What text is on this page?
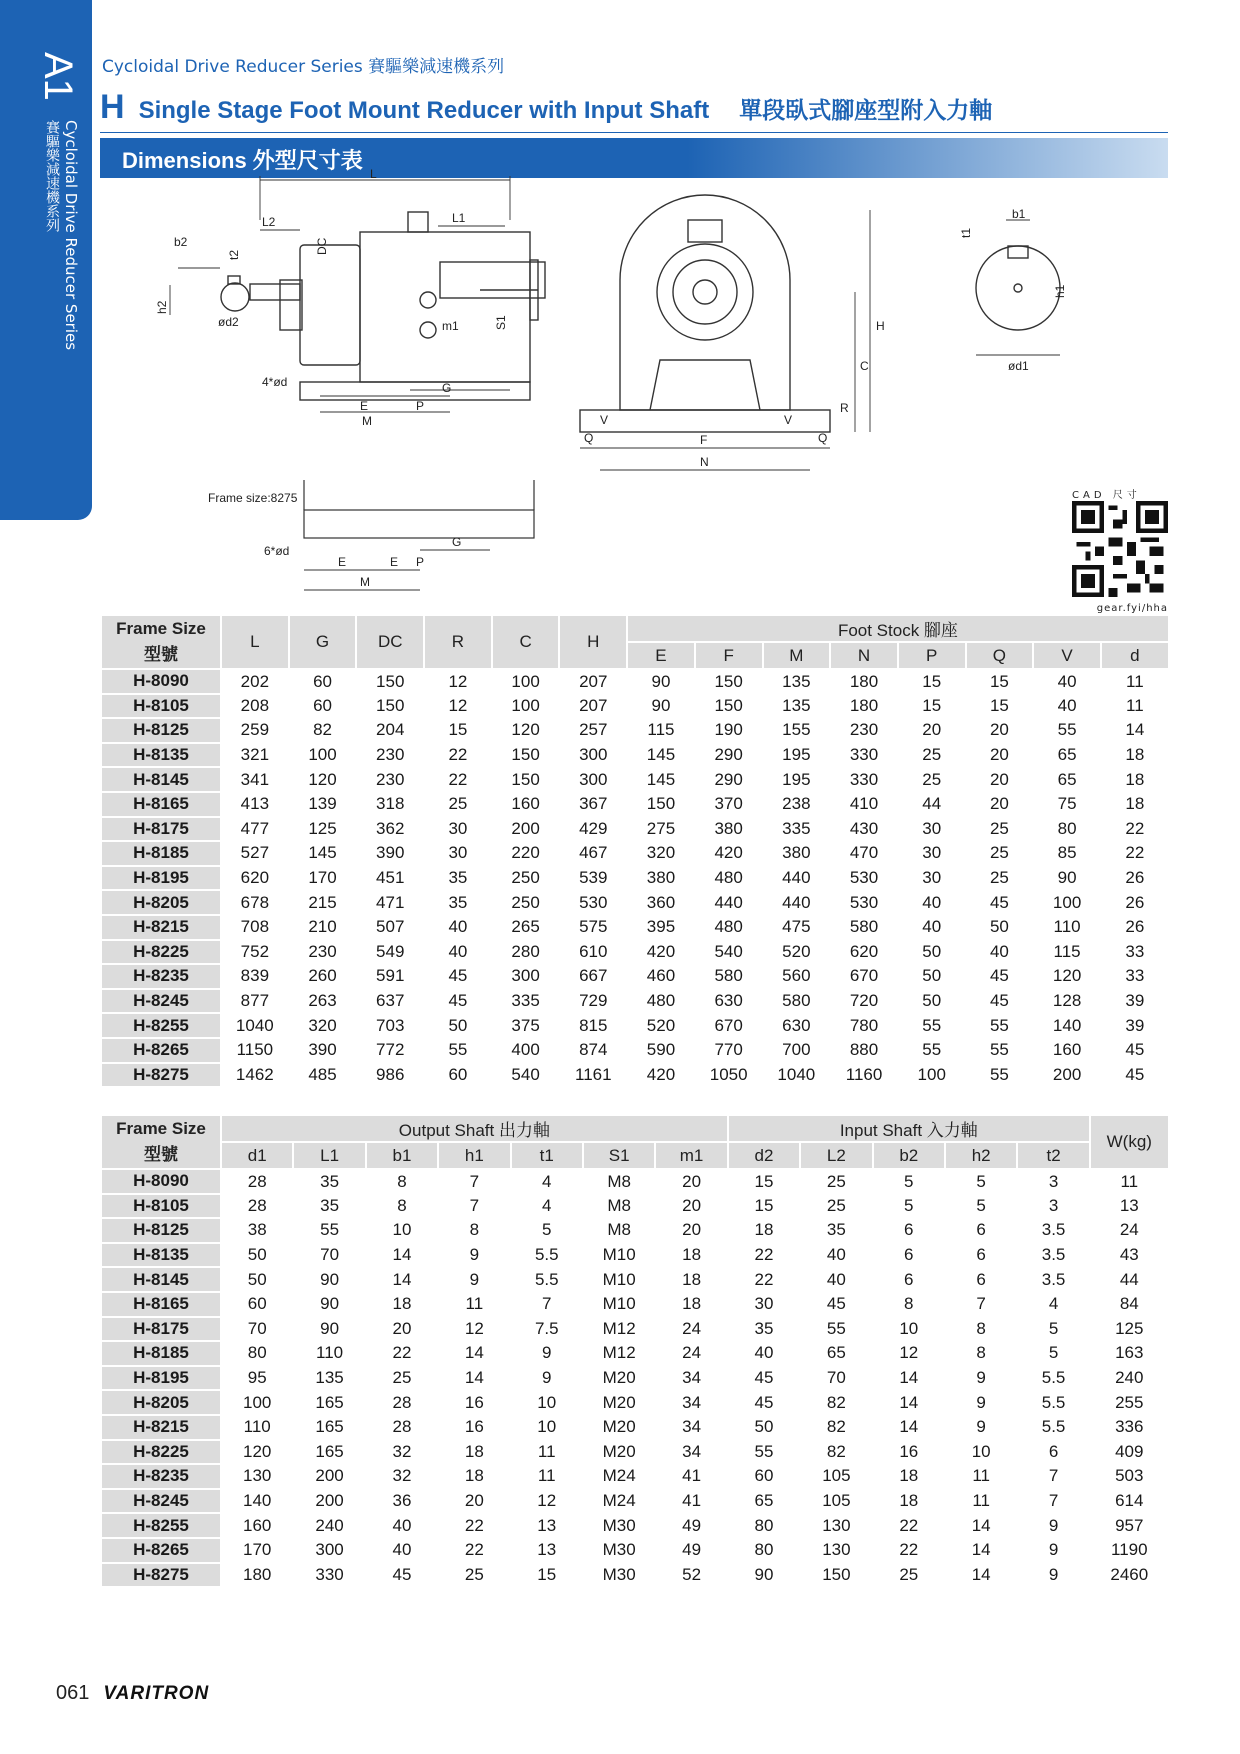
A1
Cycloidal Drive Reducer Series
賽驅樂減速機系列
Cycloidal Drive Reducer Series 賽驅樂減速機系列
H Single Stage Foot Mount Reducer with Input Shaft 單段臥式腳座型附入力軸
Dimensions 外型尺寸表
L
L2	L1
DC
b2
t2
h2
ød2	m1	S1
4*ød	G
E	P
M
Frame size:8275
6*ød
E	E P
G
M
V	V
Q	Q
F
N
H
C
R
t1
b1
h1
ød1
CAD 尺寸
gear.fyi/hha
Frame Size
型號	L	G	DC	R	C	H	Foot Stock 腳座							
							E	F	M	N	P	Q	V	d
H-8090	202	60	150	12	100	207	90	150	135	180	15	15	40	11
H-8105	208	60	150	12	100	207	90	150	135	180	15	15	40	11
H-8125	259	82	204	15	120	257	115	190	155	230	20	20	55	14
H-8135	321	100	230	22	150	300	145	290	195	330	25	20	65	18
H-8145	341	120	230	22	150	300	145	290	195	330	25	20	65	18
H-8165	413	139	318	25	160	367	150	370	238	410	44	20	75	18
H-8175	477	125	362	30	200	429	275	380	335	430	30	25	80	22
H-8185	527	145	390	30	220	467	320	420	380	470	30	25	85	22
H-8195	620	170	451	35	250	539	380	480	440	530	30	25	90	26
H-8205	678	215	471	35	250	530	360	440	440	530	40	45	100	26
H-8215	708	210	507	40	265	575	395	480	475	580	40	50	110	26
H-8225	752	230	549	40	280	610	420	540	520	620	50	40	115	33
H-8235	839	260	591	45	300	667	460	580	560	670	50	45	120	33
H-8245	877	263	637	45	335	729	480	630	580	720	50	45	128	39
H-8255	1040	320	703	50	375	815	520	670	630	780	55	55	140	39
H-8265	1150	390	772	55	400	874	590	770	700	880	55	55	160	45
H-8275	1462	485	986	60	540	1161	420	1050	1040	1160	100	55	200	45
Frame Size
型號	Output Shaft 出力軸							Input Shaft 入力軸					W(kg)
	d1	L1	b1	h1	t1	S1	m1	d2	L2	b2	h2	t2	
H-8090	28	35	8	7	4	M8	20	15	25	5	5	3	11
H-8105	28	35	8	7	4	M8	20	15	25	5	5	3	13
H-8125	38	55	10	8	5	M8	20	18	35	6	6	3.5	24
H-8135	50	70	14	9	5.5	M10	18	22	40	6	6	3.5	43
H-8145	50	90	14	9	5.5	M10	18	22	40	6	6	3.5	44
H-8165	60	90	18	11	7	M10	18	30	45	8	7	4	84
H-8175	70	90	20	12	7.5	M12	24	35	55	10	8	5	125
H-8185	80	110	22	14	9	M12	24	40	65	12	8	5	163
H-8195	95	135	25	14	9	M20	34	45	70	14	9	5.5	240
H-8205	100	165	28	16	10	M20	34	45	82	14	9	5.5	255
H-8215	110	165	28	16	10	M20	34	50	82	14	9	5.5	336
H-8225	120	165	32	18	11	M20	34	55	82	16	10	6	409
H-8235	130	200	32	18	11	M24	41	60	105	18	11	7	503
H-8245	140	200	36	20	12	M24	41	65	105	18	11	7	614
H-8255	160	240	40	22	13	M30	49	80	130	22	14	9	957
H-8265	170	300	40	22	13	M30	49	80	130	22	14	9	1190
H-8275	180	330	45	25	15	M30	52	90	150	25	14	9	2460
061 VARITRON
